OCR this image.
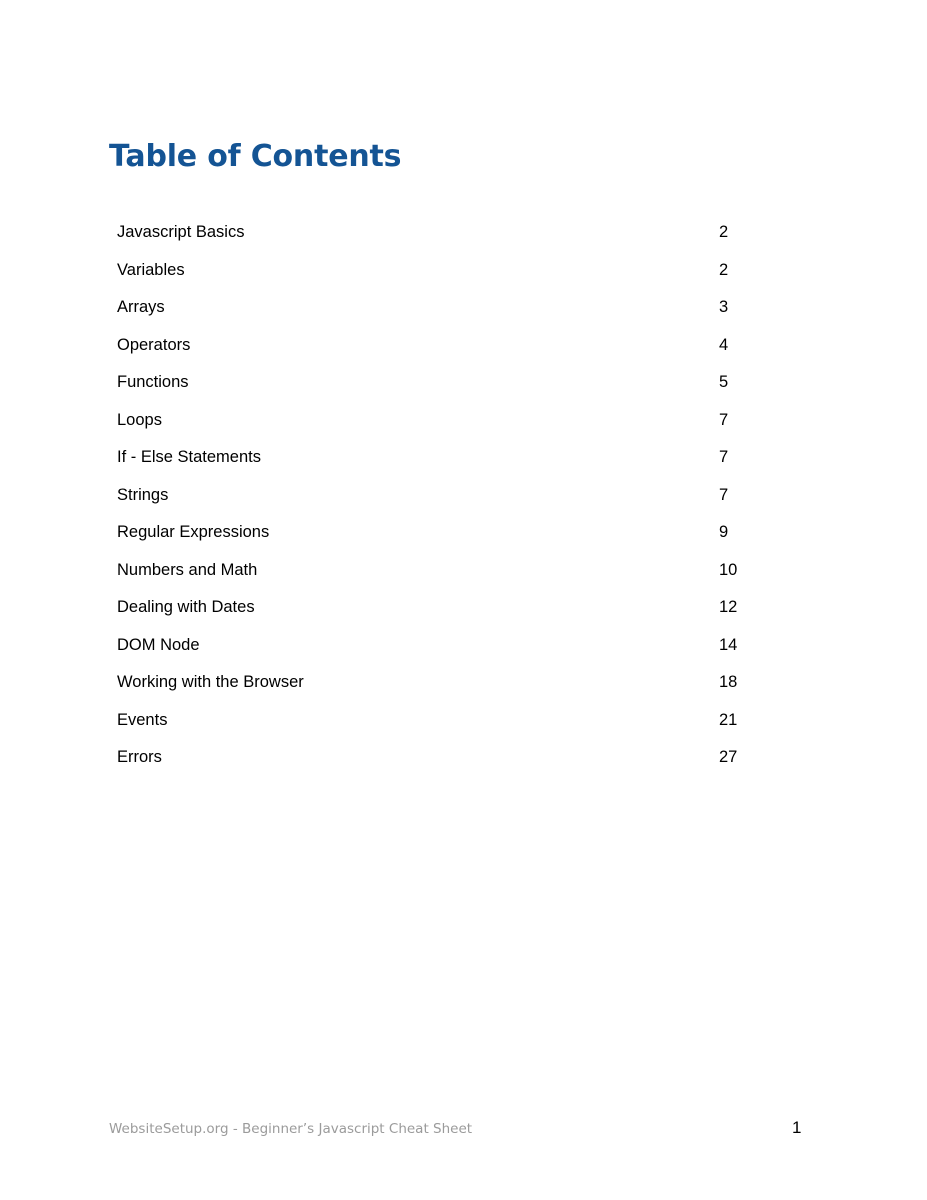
Table of Contents
Javascript Basics	2
Variables	2
Arrays	3
Operators	4
Functions	5
Loops	7
If - Else Statements	7
Strings	7
Regular Expressions	9
Numbers and Math	10
Dealing with Dates	12
DOM Node	14
Working with the Browser	18
Events	21
Errors	27
WebsiteSetup.org - Beginner’s Javascript Cheat Sheet	1
